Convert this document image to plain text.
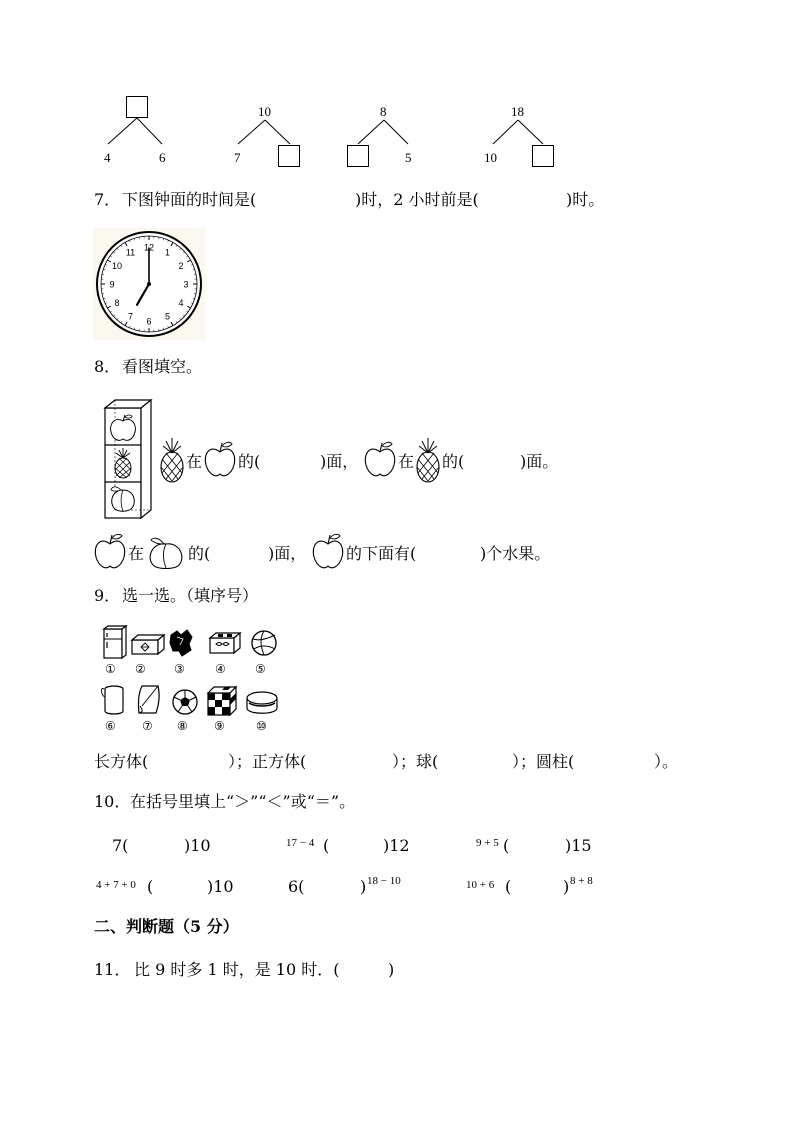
4	6
10
7
8
5
18
10
7． 下图钟面的时间是(	)时，2 小时前是(	)时。
12 1
2
3
4
5
6
7
8
9
10
11
8． 看图填空。
在 的(	)面， 在 的(	)面。
在	的(	)面， 的下面有(	)个水果。
9． 选一选。（填序号）
① ② ③	④ ⑤
⑥ ⑦ ⑧ ⑨	⑩
长方体(	）；正方体(	）；球(	）；圆柱(	）。
10． 在括号里填上“＞”“＜”或“＝”。
7(	)10	17 − 4 (	)12	9 + 5 (	)15
4 + 7 + 0 (	)10	6(	) 18 − 10	10 + 6 (	) 8 + 8
二、判断题（5 分）
11． 比 9 时多 1 时，是 10 时．(	)
